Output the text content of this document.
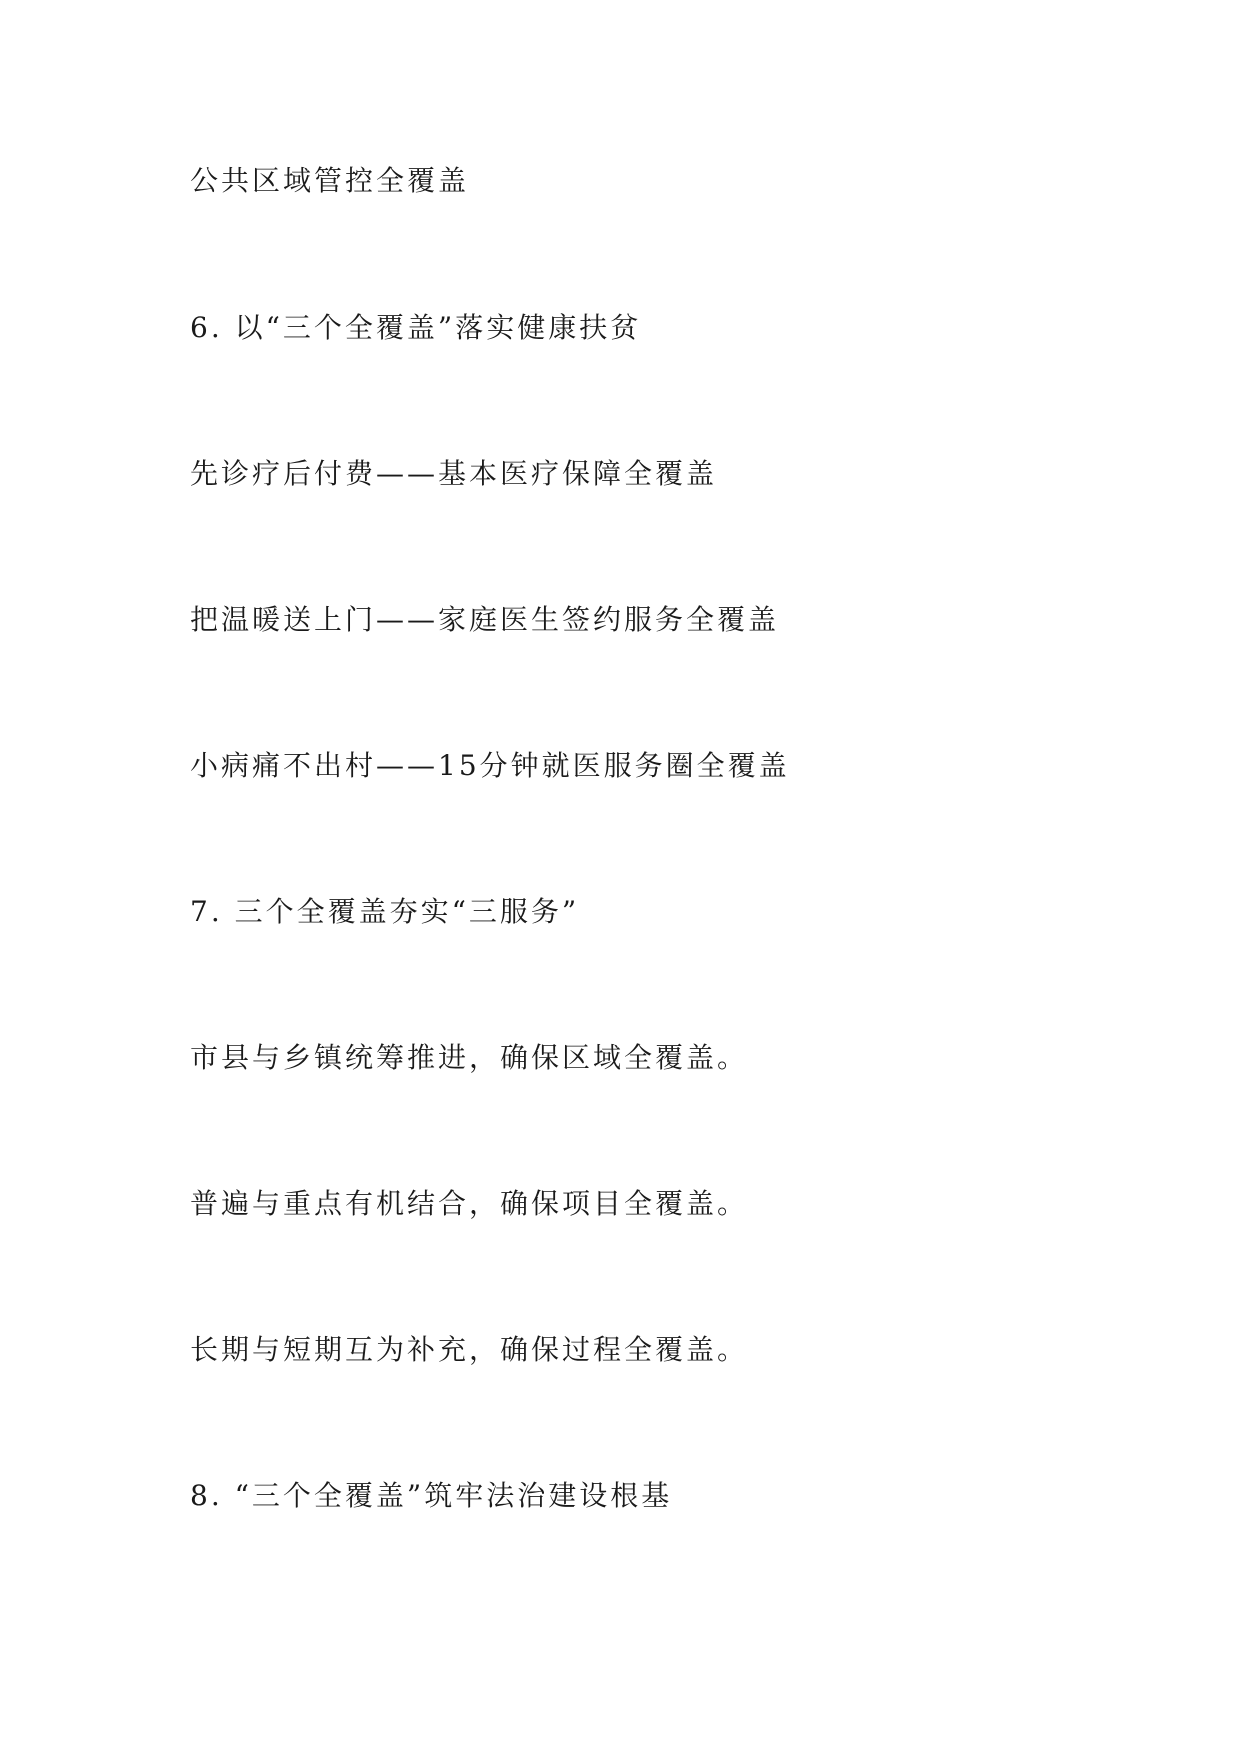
公共区域管控全覆盖
6. 以“三个全覆盖”落实健康扶贫
先诊疗后付费——基本医疗保障全覆盖
把温暖送上门——家庭医生签约服务全覆盖
小病痛不出村——15分钟就医服务圈全覆盖
7. 三个全覆盖夯实“三服务”
市县与乡镇统筹推进，确保区域全覆盖。
普遍与重点有机结合，确保项目全覆盖。
长期与短期互为补充，确保过程全覆盖。
8. “三个全覆盖”筑牢法治建设根基
